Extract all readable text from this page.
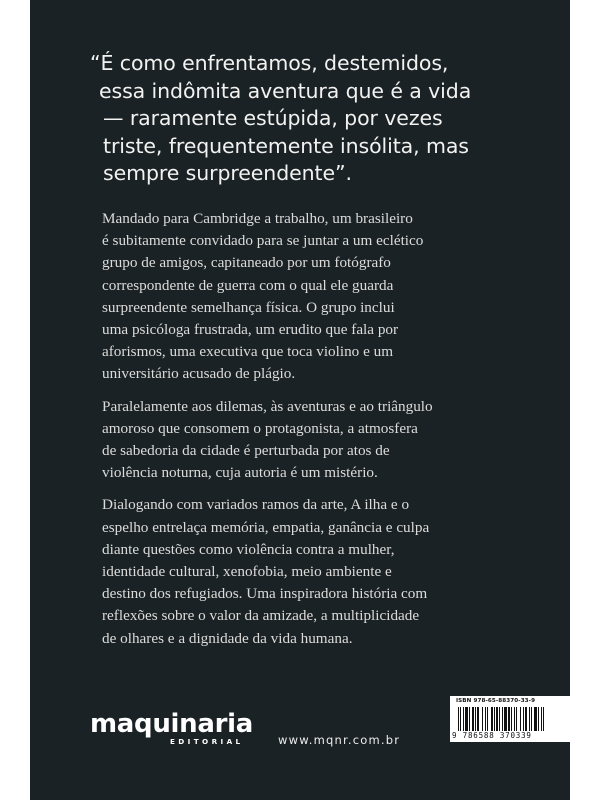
“É como enfrentamos, destemidos,
essa indômita aventura que é a vida
— raramente estúpida, por vezes
triste, frequentemente insólita, mas
sempre surpreendente”.

Mandado para Cambridge a trabalho, um brasileiro
é subitamente convidado para se juntar a um eclético
grupo de amigos, capitaneado por um fotógrafo
correspondente de guerra com o qual ele guarda
surpreendente semelhança física. O grupo inclui
uma psicóloga frustrada, um erudito que fala por
aforismos, uma executiva que toca violino e um
universitário acusado de plágio.

Paralelamente aos dilemas, às aventuras e ao triângulo
amoroso que consomem o protagonista, a atmosfera
de sabedoria da cidade é perturbada por atos de
violência noturna, cuja autoria é um mistério.

Dialogando com variados ramos da arte, A ilha e o
espelho entrelaça memória, empatia, ganância e culpa
diante questões como violência contra a mulher,
identidade cultural, xenofobia, meio ambiente e
destino dos refugiados. Uma inspiradora história com
reflexões sobre o valor da amizade, a multiplicidade
de olhares e a dignidade da vida humana.

ISBN 978-65-88370-33-9
9 786588 370339
maquinaria
EDITORIAL	www.mqnr.com.br
